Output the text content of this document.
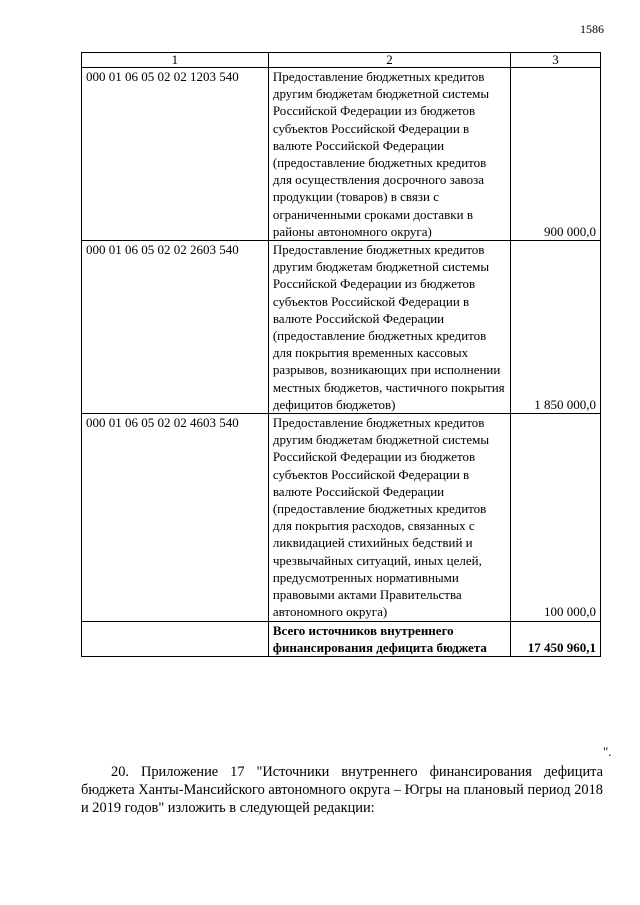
1586
1	2	3
000 01 06 05 02 02 1203 540	Предоставление бюджетных кредитов другим бюджетам бюджетной системы Российской Федерации из бюджетов субъектов Российской Федерации в валюте Российской Федерации (предоставление бюджетных кредитов для осуществления досрочного завоза продукции (товаров) в связи с ограниченными сроками доставки в районы автономного округа)	900 000,0
000 01 06 05 02 02 2603 540	Предоставление бюджетных кредитов другим бюджетам бюджетной системы Российской Федерации из бюджетов субъектов Российской Федерации в валюте Российской Федерации (предоставление бюджетных кредитов для покрытия временных кассовых разрывов, возникающих при исполнении местных бюджетов, частичного покрытия дефицитов бюджетов)	1 850 000,0
000 01 06 05 02 02 4603 540	Предоставление бюджетных кредитов другим бюджетам бюджетной системы Российской Федерации из бюджетов субъектов Российской Федерации в валюте Российской Федерации (предоставление бюджетных кредитов для покрытия расходов, связанных с ликвидацией стихийных бедствий и чрезвычайных ситуаций, иных целей, предусмотренных нормативными правовыми актами Правительства автономного округа)	100 000,0
	Всего источников внутреннего финансирования дефицита бюджета	17 450 960,1
".

20. Приложение 17 "Источники внутреннего финансирования дефицита бюджета Ханты-Мансийского автономного округа – Югры на плановый период 2018 и 2019 годов" изложить в следующей редакции:
